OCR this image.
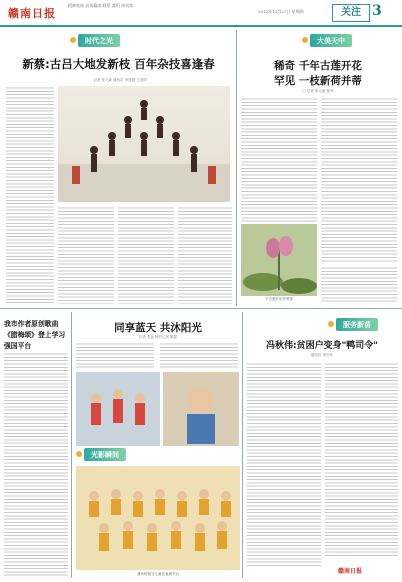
赣南日报
精神家园 品读赣南 联系 我们 周刊第
2012年12月27日 星期四	关注 3
时代之光
新蔡:古吕大地发新枝 百年杂技喜逢春
记者 张元斌 通讯员 李建团 王爱国
大美天中
稀奇 千年古莲开花
罕见 一枝新荷并蒂
□ 记者 张元斌 陈军
千古莲开出并蒂花
我市作者原创歌曲
《腊梅颂》登上学习
强国平台
同享蓝天 共沐阳光
记者 张远 特约记者 陈铭
光影瞬间
我市的留守儿童在表演节目
服务新苗
冯秋伟:贫困户变身"鸭司令"
通讯员 李向东
赣南日报
